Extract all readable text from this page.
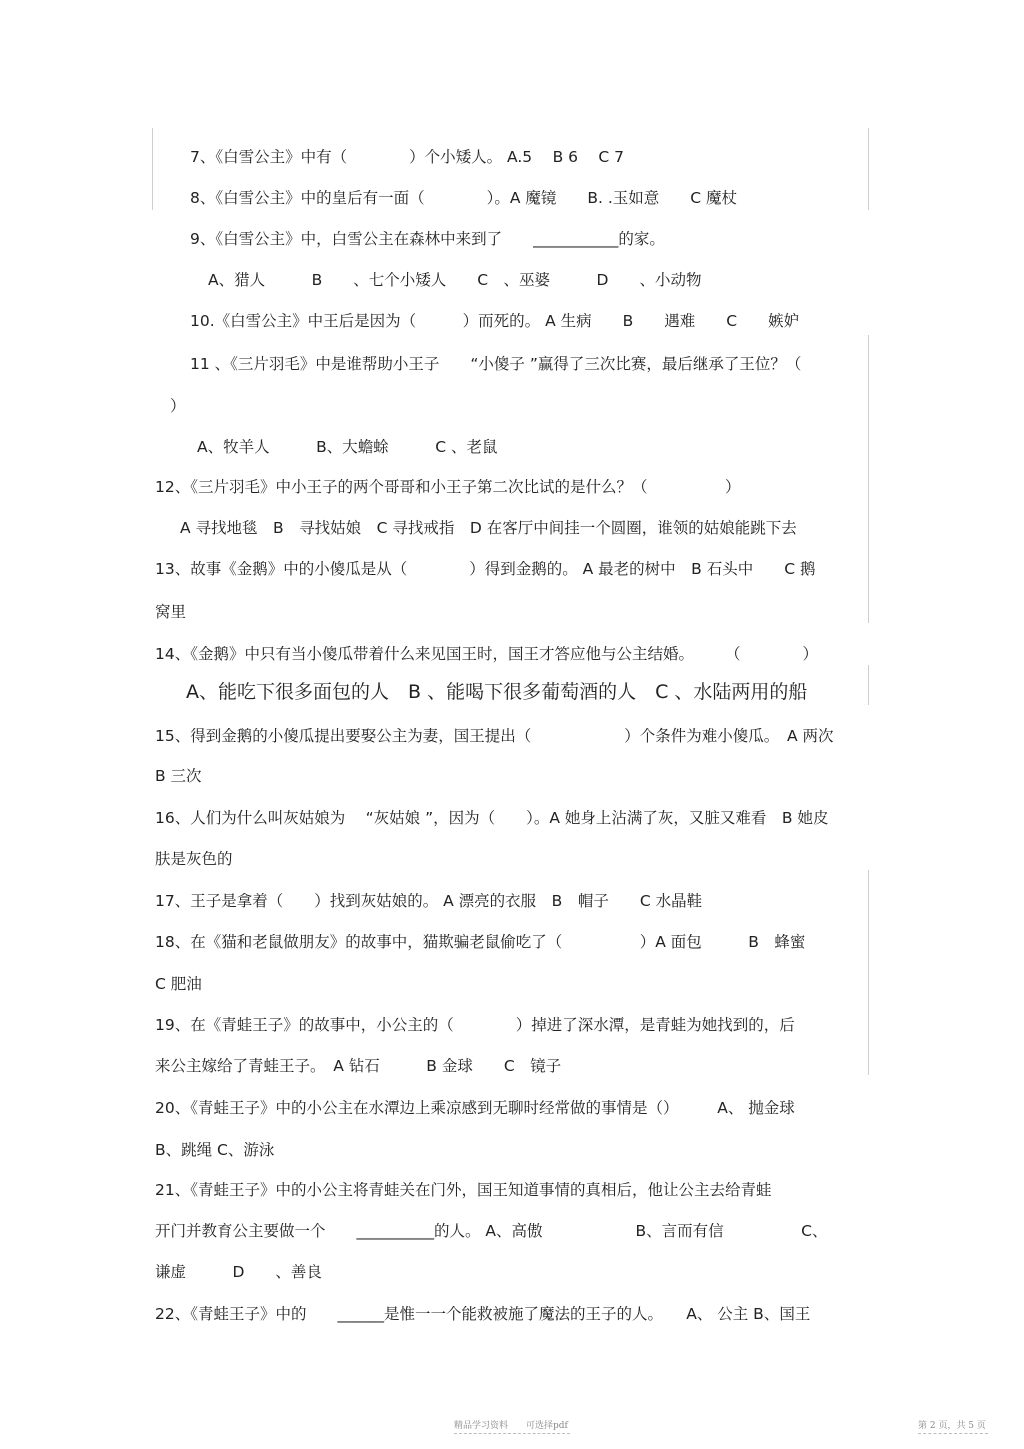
7、《白雪公主》中有（　　　　）个小矮人。 A.5 　B 6 　C 7
8、《白雪公主》中的皇后有一面（　　　　）。A 魔镜　　B. .玉如意　　C 魔杖
9、《白雪公主》中，白雪公主在森林中来到了　　___________的家。
A、猎人　　　B　　、七个小矮人　　C　、巫婆　　　D　　、小动物
10.《白雪公主》中王后是因为（　　　）而死的。 A 生病　　B　　遇难　　C　　嫉妒
11 、《三片羽毛》中是谁帮助小王子　　“小傻子 ”赢得了三次比赛，最后继承了王位？（
）
A、牧羊人　　　B、大蟾蜍　　　C 、老鼠
12、《三片羽毛》中小王子的两个哥哥和小王子第二次比试的是什么？（　　　　　）
A 寻找地毯　B　寻找姑娘　C 寻找戒指　D 在客厅中间挂一个圆圈，谁领的姑娘能跳下去
13、故事《金鹅》中的小傻瓜是从（　　　　）得到金鹅的。 A 最老的树中　B 石头中　　C 鹅
窝里
14、《金鹅》中只有当小傻瓜带着什么来见国王时，国王才答应他与公主结婚。　　　（　　　　）
A、能吃下很多面包的人　B 、能喝下很多葡萄酒的人　C 、水陆两用的船
15、得到金鹅的小傻瓜提出要娶公主为妻，国王提出（　　　　　　）个条件为难小傻瓜。　A 两次
B 三次
16、人们为什么叫灰姑娘为　 “灰姑娘 ”，因为（　　）。A 她身上沾满了灰，又脏又难看　B 她皮
肤是灰色的
17、王子是拿着（　　）找到灰姑娘的。 A 漂亮的衣服　B　帽子　　C 水晶鞋
18、在《猫和老鼠做朋友》的故事中，猫欺骗老鼠偷吃了（　　　　　）A 面包　　　B　蜂蜜
C 肥油
19、在《青蛙王子》的故事中，小公主的（　　　　）掉进了深水潭，是青蛙为她找到的，后
来公主嫁给了青蛙王子。　A 钻石　　　B 金球　　C　镜子
20、《青蛙王子》中的小公主在水潭边上乘凉感到无聊时经常做的事情是（）　　　A、 抛金球
B、跳绳 C、游泳
21、《青蛙王子》中的小公主将青蛙关在门外，国王知道事情的真相后，他让公主去给青蛙
开门并教育公主要做一个　　__________的人。 A、高傲　　　　　　B、言而有信　　　　　C、
谦虚　　　D　　、善良
22、《青蛙王子》中的　　______是惟一一个能救被施了魔法的王子的人。　　A、 公主 B、国王
精品学习资料　　可选择pdf	第 2 页，共 5 页
